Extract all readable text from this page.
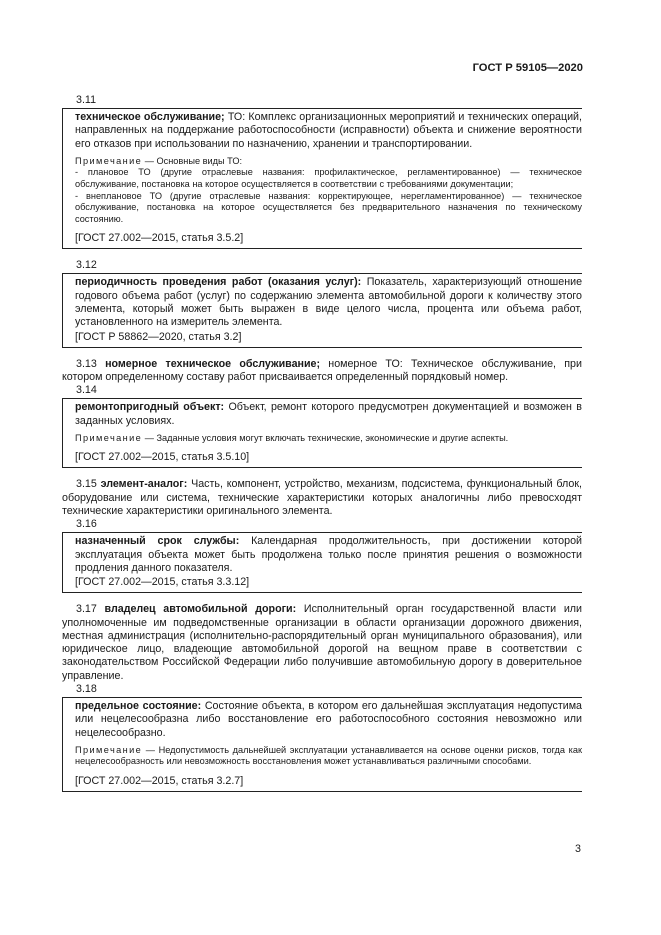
ГОСТ Р 59105—2020
3.11

техническое обслуживание; ТО: Комплекс организационных мероприятий и технических операций, направленных на поддержание работоспособности (исправности) объекта и снижение вероятности его отказов при использовании по назначению, хранении и транспортировании.

Примечание — Основные виды ТО:
- плановое ТО (другие отраслевые названия: профилактическое, регламентированное) — техническое обслуживание, постановка на которое осуществляется в соответствии с требованиями документации;
- внеплановое ТО (другие отраслевые названия: корректирующее, нерегламентированное) — техническое обслуживание, постановка на которое осуществляется без предварительного назначения по техническому состоянию.

[ГОСТ 27.002—2015, статья 3.5.2]

3.12

периодичность проведения работ (оказания услуг): Показатель, характеризующий отношение годового объема работ (услуг) по содержанию элемента автомобильной дороги к количеству этого элемента, который может быть выражен в виде целого числа, процента или объема работ, установленного на измеритель элемента.

[ГОСТ Р 58862—2020, статья 3.2]

3.13 номерное техническое обслуживание; номерное ТО: Техническое обслуживание, при котором определенному составу работ присваивается определенный порядковый номер.

3.14

ремонтопригодный объект: Объект, ремонт которого предусмотрен документацией и возможен в заданных условиях.

Примечание — Заданные условия могут включать технические, экономические и другие аспекты.

[ГОСТ 27.002—2015, статья 3.5.10]

3.15 элемент-аналог: Часть, компонент, устройство, механизм, подсистема, функциональный блок, оборудование или система, технические характеристики которых аналогичны либо превосходят технические характеристики оригинального элемента.

3.16

назначенный срок службы: Календарная продолжительность, при достижении которой эксплуатация объекта может быть продолжена только после принятия решения о возможности продления данного показателя.

[ГОСТ 27.002—2015, статья 3.3.12]

3.17 владелец автомобильной дороги: Исполнительный орган государственной власти или уполномоченные им подведомственные организации в области организации дорожного движения, местная администрация (исполнительно-распорядительный орган муниципального образования), или юридическое лицо, владеющие автомобильной дорогой на вещном праве в соответствии с законодательством Российской Федерации либо получившие автомобильную дорогу в доверительное управление.

3.18

предельное состояние: Состояние объекта, в котором его дальнейшая эксплуатация недопустима или нецелесообразна либо восстановление его работоспособного состояния невозможно или нецелесообразно.

Примечание — Недопустимость дальнейшей эксплуатации устанавливается на основе оценки рисков, тогда как нецелесообразность или невозможность восстановления может устанавливаться различными способами.

[ГОСТ 27.002—2015, статья 3.2.7]

3
